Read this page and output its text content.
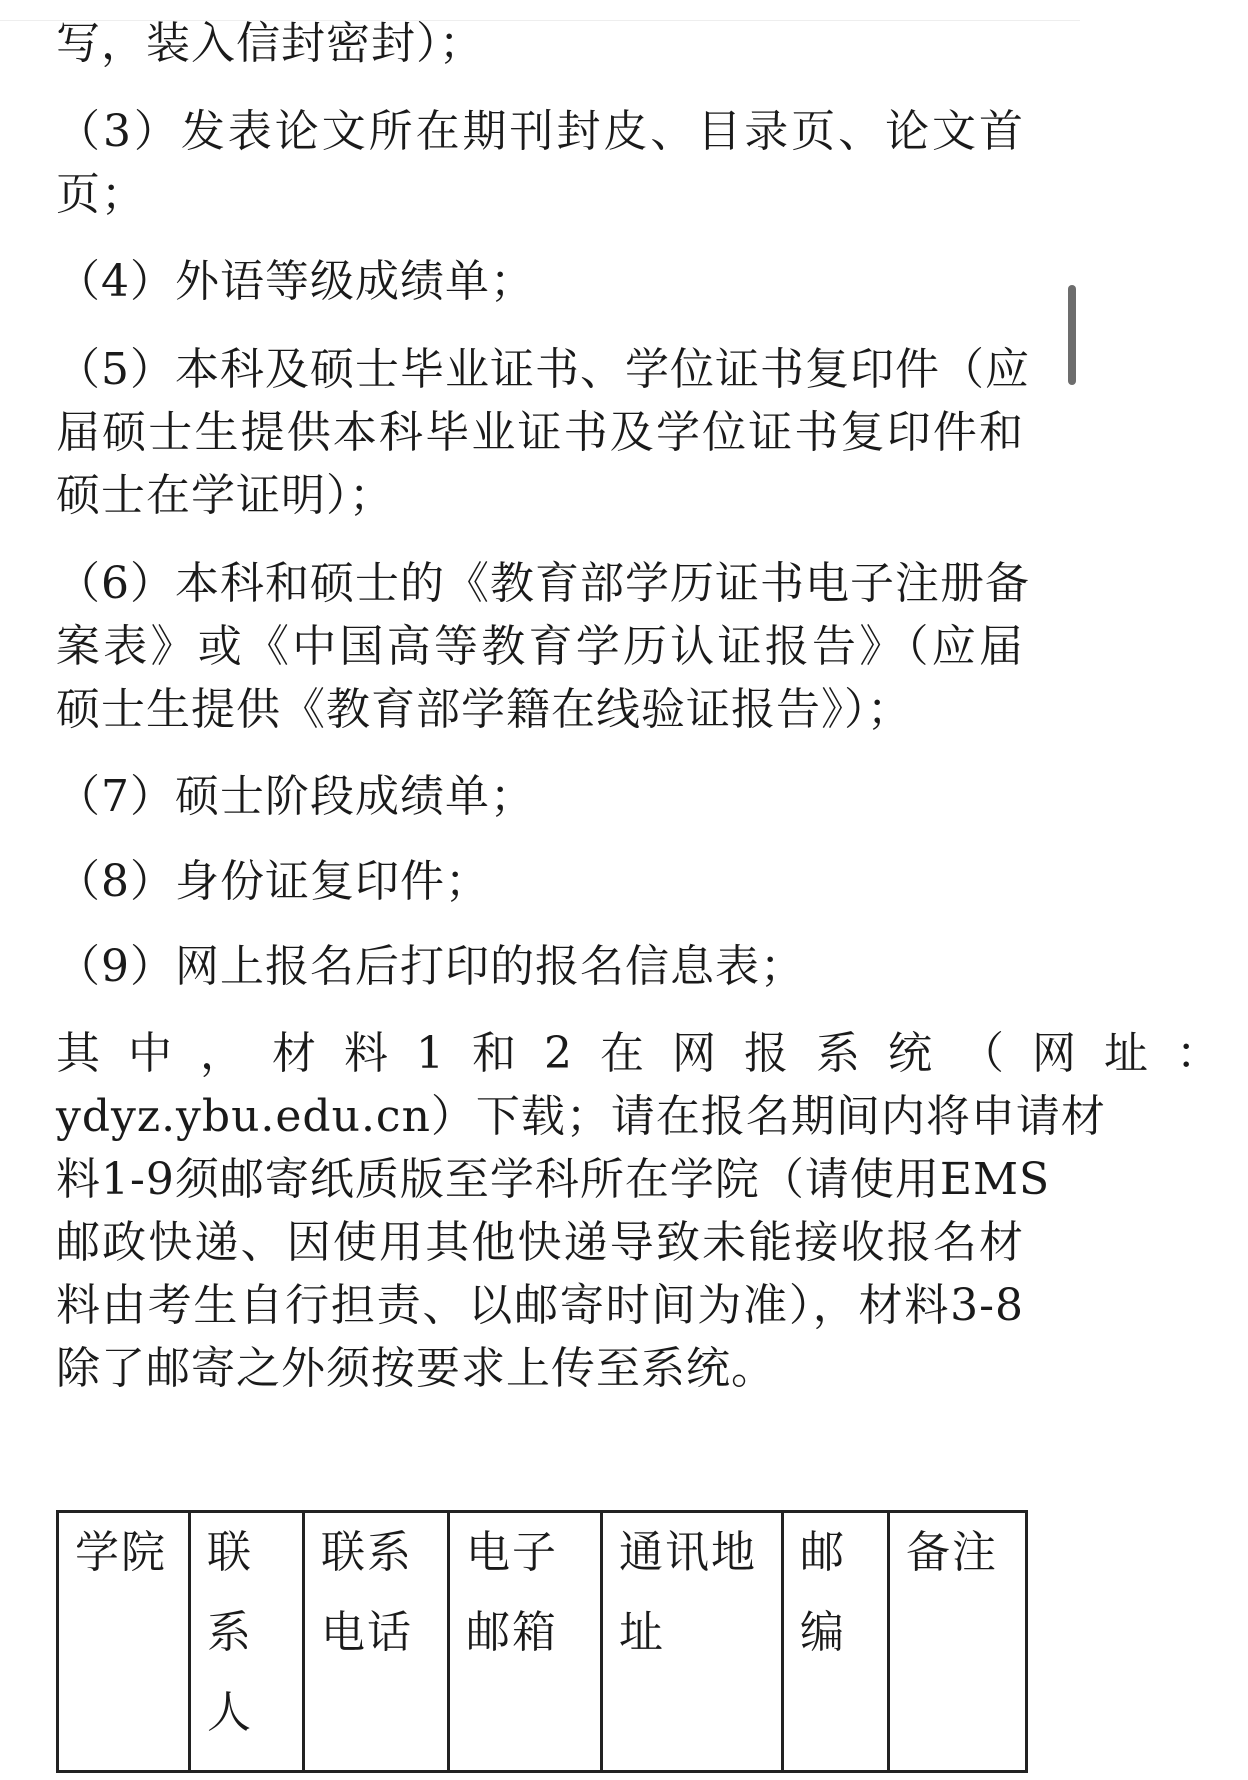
写，装入信封密封）；
（3）发表论文所在期刊封皮、目录页、论文首
页；
（4）外语等级成绩单；
（5）本科及硕士毕业证书、学位证书复印件（应
届硕士生提供本科毕业证书及学位证书复印件和
硕士在学证明）；
（6）本科和硕士的《教育部学历证书电子注册备
案表》或《中国高等教育学历认证报告》（应届
硕士生提供《教育部学籍在线验证报告》）；
（7）硕士阶段成绩单；
（8）身份证复印件；
（9）网上报名后打印的报名信息表；
其中，材料1和2在网报系统（网址：
ydyz.ybu.edu.cn）下载；请在报名期间内将申请材
料1-9须邮寄纸质版至学科所在学院（请使用EMS
邮政快递、因使用其他快递导致未能接收报名材
料由考生自行担责、以邮寄时间为准），材料3-8
除了邮寄之外须按要求上传至系统。
学院	联系人	联系电话	电子邮箱	通讯地址	邮编	备注
